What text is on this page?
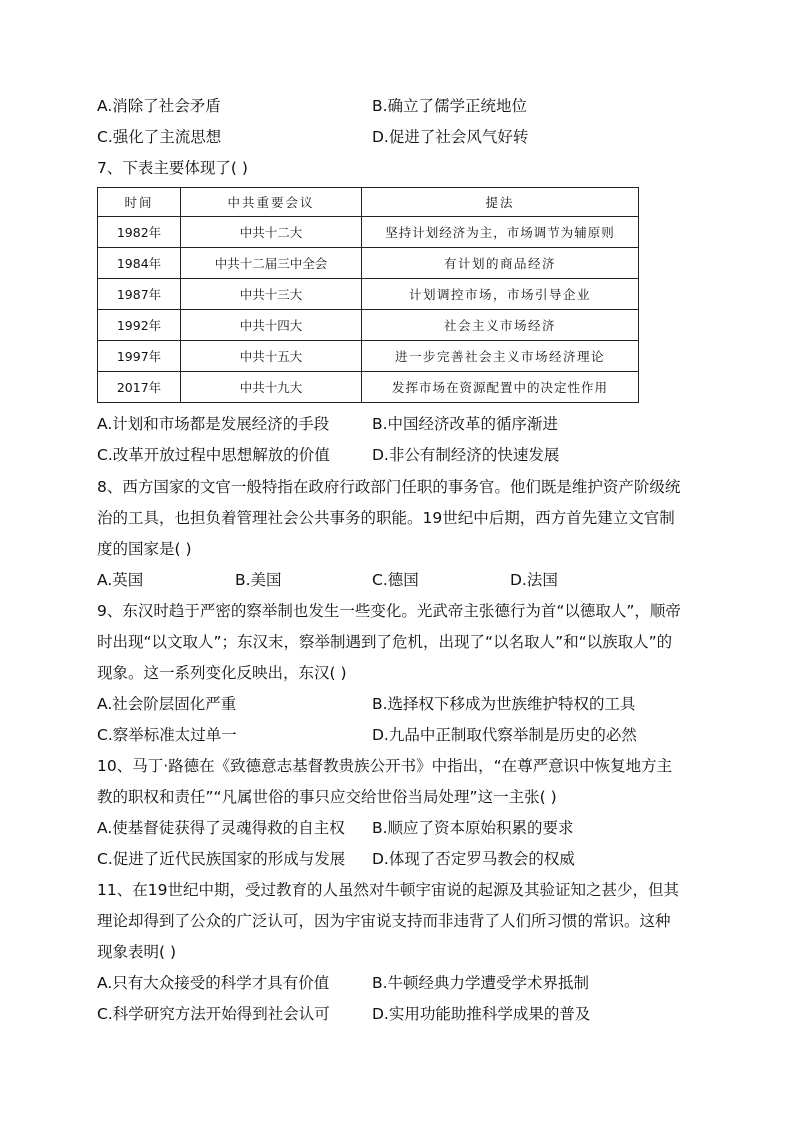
A.消除了社会矛盾	B.确立了儒学正统地位
C.强化了主流思想	D.促进了社会风气好转
7、下表主要体现了( )
时间	中共重要会议	提法
1982年	中共十二大	坚持计划经济为主，市场调节为辅原则
1984年	中共十二届三中全会	有计划的商品经济
1987年	中共十三大	计划调控市场，市场引导企业
1992年	中共十四大	社会主义市场经济
1997年	中共十五大	进一步完善社会主义市场经济理论
2017年	中共十九大	发挥市场在资源配置中的决定性作用
A.计划和市场都是发展经济的手段	B.中国经济改革的循序渐进
C.改革开放过程中思想解放的价值	D.非公有制经济的快速发展
8、西方国家的文官一般特指在政府行政部门任职的事务官。他们既是维护资产阶级统
治的工具，也担负着管理社会公共事务的职能。19世纪中后期，西方首先建立文官制
度的国家是( )
A.英国	B.美国	C.德国	D.法国
9、东汉时趋于严密的察举制也发生一些变化。光武帝主张德行为首“以德取人”，顺帝
时出现“以文取人”；东汉末，察举制遇到了危机，出现了“以名取人”和“以族取人”的
现象。这一系列变化反映出，东汉( )
A.社会阶层固化严重	B.选择权下移成为世族维护特权的工具
C.察举标准太过单一	D.九品中正制取代察举制是历史的必然
10、马丁·路德在《致德意志基督教贵族公开书》中指出，“在尊严意识中恢复地方主
教的职权和责任”“凡属世俗的事只应交给世俗当局处理”这一主张( )
A.使基督徒获得了灵魂得救的自主权 B.顺应了资本原始积累的要求
C.促进了近代民族国家的形成与发展 D.体现了否定罗马教会的权威
11、在19世纪中期，受过教育的人虽然对牛顿宇宙说的起源及其验证知之甚少，但其
理论却得到了公众的广泛认可，因为宇宙说支持而非违背了人们所习惯的常识。这种
现象表明( )
A.只有大众接受的科学才具有价值	B.牛顿经典力学遭受学术界抵制
C.科学研究方法开始得到社会认可	D.实用功能助推科学成果的普及
